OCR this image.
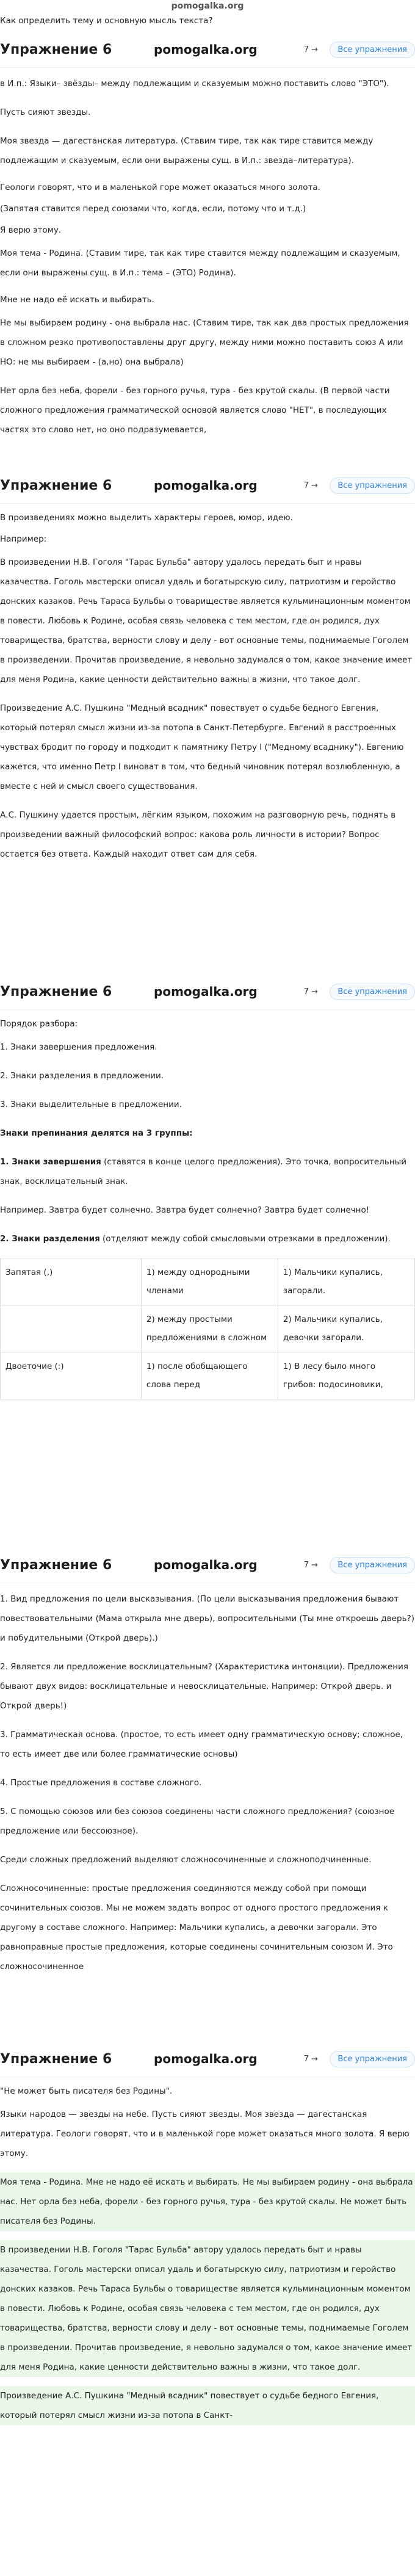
pomogalka.org
Как определить тему и основную мысль текста?
Упражнение 6	pomogalka.org	7 →	Все упражнения

в И.п.: Языки– звёзды– между подлежащим и сказуемым можно поставить слово "ЭТО").

Пусть сияют звезды.

Моя звезда — дагестанская литература. (Ставим тире, так как тире ставится между подлежащим и сказуемым, если они выражены сущ. в И.п.: звезда–литература).

Геологи говорят, что и в маленькой горе может оказаться много золота.

(Запятая ставится перед союзами что, когда, если, потому что и т.д.)

Я верю этому.

Моя тема - Родина. (Ставим тире, так как тире ставится между подлежащим и сказуемым, если они выражены сущ. в И.п.: тема – (ЭТО) Родина).

Мне не надо её искать и выбирать.

Не мы выбираем родину - она выбрала нас. (Ставим тире, так как два простых предложения в сложном резко противопоставлены друг другу, между ними можно поставить союз А или НО: не мы выбираем - (а,но) она выбрала)

Нет орла без неба, форели - без горного ручья, тура - без крутой скалы. (В первой части сложного предложения грамматической основой является слово "НЕТ", в последующих частях это слово нет, но оно подразумевается,

Упражнение 6	pomogalka.org	7 →	Все упражнения

В произведениях можно выделить характеры героев, юмор, идею.

Например:

В произведении Н.В. Гоголя "Тарас Бульба" автору удалось передать быт и нравы казачества. Гоголь мастерски описал удаль и богатырскую силу, патриотизм и геройство донских казаков. Речь Тараса Бульбы о товариществе является кульминационным моментом в повести. Любовь к Родине, особая связь человека с тем местом, где он родился, дух товарищества, братства, верности слову и делу - вот основные темы, поднимаемые Гоголем в произведении. Прочитав произведение, я невольно задумался о том, какое значение имеет для меня Родина, какие ценности действительно важны в жизни, что такое долг.

Произведение А.С. Пушкина "Медный всадник" повествует о судьбе бедного Евгения, который потерял смысл жизни из-за потопа в Санкт-Петербурге. Евгений в расстроенных чувствах бродит по городу и подходит к памятнику Петру I ("Медному всаднику"). Евгению кажется, что именно Петр I виноват в том, что бедный чиновник потерял возлюбленную, а вместе с ней и смысл своего существования.

А.С. Пушкину удается простым, лёгким языком, похожим на разговорную речь, поднять в произведении важный философский вопрос: какова роль личности в истории? Вопрос остается без ответа. Каждый находит ответ сам для себя.

Упражнение 6	pomogalka.org	7 →	Все упражнения

Порядок разбора:

1. Знаки завершения предложения.

2. Знаки разделения в предложении.

3. Знаки выделительные в предложении.

Знаки препинания делятся на 3 группы:

1. Знаки завершения (ставятся в конце целого предложения). Это точка, вопросительный знак, восклицательный знак.

Например. Завтра будет солнечно. Завтра будет солнечно? Завтра будет солнечно!

2. Знаки разделения (отделяют между собой смысловыми отрезками в предложении).

Запятая (,)	1) между однородными членами	1) Мальчики купались, загорали.
	2) между простыми предложениями в сложном	2) Мальчики купались, девочки загорали.
Двоеточие (:)	1) после обобщающего слова перед	1) В лесу было много грибов: подосиновики,
Упражнение 6	pomogalka.org	7 →	Все упражнения

1. Вид предложения по цели высказывания. (По цели высказывания предложения бывают повествовательными (Мама открыла мне дверь), вопросительными (Ты мне откроешь дверь?) и побудительными (Открой дверь).)

2. Является ли предложение восклицательным? (Характеристика интонации). Предложения бывают двух видов: восклицательные и невосклицательные. Например: Открой дверь. и Открой дверь!)

3. Грамматическая основа. (простое, то есть имеет одну грамматическую основу; сложное, то есть имеет две или более грамматические основы)

4. Простые предложения в составе сложного.

5. С помощью союзов или без союзов соединены части сложного предложения? (союзное предложение или бессоюзное).

Среди сложных предложений выделяют сложносочиненные и сложноподчиненные.

Сложносочиненные: простые предложения соединяются между собой при помощи сочинительных союзов. Мы не можем задать вопрос от одного простого предложения к другому в составе сложного. Например: Мальчики купались, а девочки загорали. Это равноправные простые предложения, которые соединены сочинительным союзом И. Это сложносочиненное

Упражнение 6	pomogalka.org	7 →	Все упражнения

"Не может быть писателя без Родины".

Языки народов — звезды на небе. Пусть сияют звезды. Моя звезда — дагестанская литература. Геологи говорят, что и в маленькой горе может оказаться много золота. Я верю этому.

Моя тема - Родина. Мне не надо её искать и выбирать. Не мы выбираем родину - она выбрала нас. Нет орла без неба, форели - без горного ручья, тура - без крутой скалы. Не может быть писателя без Родины.

В произведении Н.В. Гоголя "Тарас Бульба" автору удалось передать быт и нравы казачества. Гоголь мастерски описал удаль и богатырскую силу, патриотизм и геройство донских казаков. Речь Тараса Бульбы о товариществе является кульминационным моментом в повести. Любовь к Родине, особая связь человека с тем местом, где он родился, дух товарищества, братства, верности слову и делу - вот основные темы, поднимаемые Гоголем в произведении. Прочитав произведение, я невольно задумался о том, какое значение имеет для меня Родина, какие ценности действительно важны в жизни, что такое долг.

Произведение А.С. Пушкина "Медный всадник" повествует о судьбе бедного Евгения, который потерял смысл жизни из-за потопа в Санкт-
